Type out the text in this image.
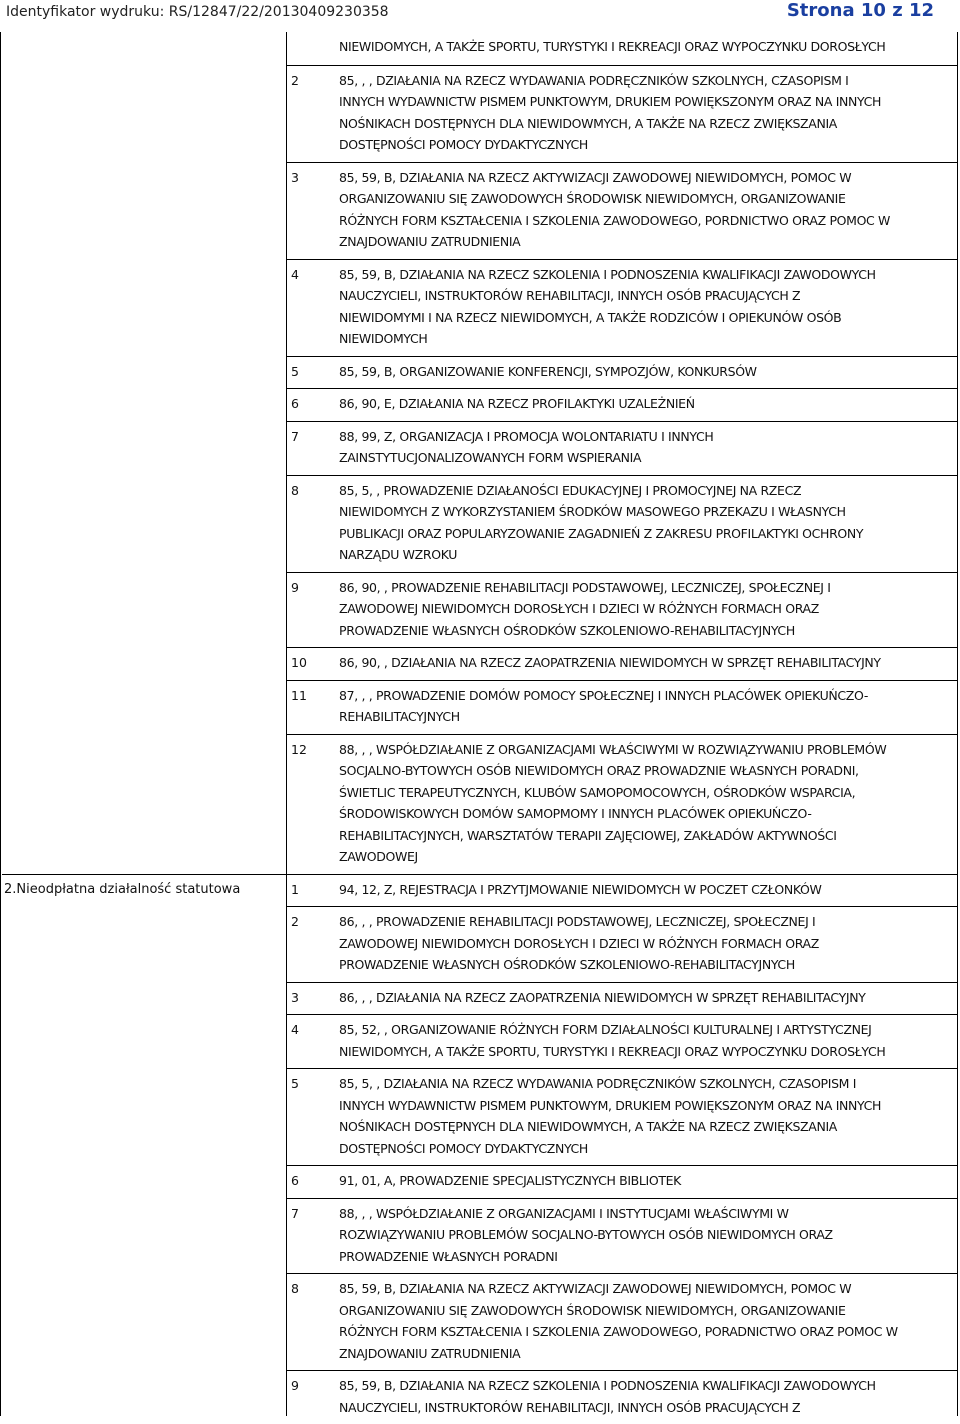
Identyfikator wydruku: RS/12847/22/20130409230358	Strona 10 z 12
NIEWIDOMYCH, A TAKŻE SPORTU, TURYSTYKI I REKREACJI ORAZ WYPOCZYNKU DOROSŁYCH
2	85, , , DZIAŁANIA NA RZECZ WYDAWANIA PODRĘCZNIKÓW SZKOLNYCH, CZASOPISM I
INNYCH WYDAWNICTW PISMEM PUNKTOWYM, DRUKIEM POWIĘKSZONYM ORAZ NA INNYCH
NOŚNIKACH DOSTĘPNYCH DLA NIEWIDOWMYCH, A TAKŻE NA RZECZ ZWIĘKSZANIA
DOSTĘPNOŚCI POMOCY DYDAKTYCZNYCH
3	85, 59, B, DZIAŁANIA NA RZECZ AKTYWIZACJI ZAWODOWEJ NIEWIDOMYCH, POMOC W
ORGANIZOWANIU SIĘ ZAWODOWYCH ŚRODOWISK NIEWIDOMYCH, ORGANIZOWANIE
RÓŻNYCH FORM KSZTAŁCENIA I SZKOLENIA ZAWODOWEGO, PORDNICTWO ORAZ POMOC W
ZNAJDOWANIU ZATRUDNIENIA
4	85, 59, B, DZIAŁANIA NA RZECZ SZKOLENIA I PODNOSZENIA KWALIFIKACJI ZAWODOWYCH
NAUCZYCIELI, INSTRUKTORÓW REHABILITACJI, INNYCH OSÓB PRACUJĄCYCH Z
NIEWIDOMYMI I NA RZECZ NIEWIDOMYCH, A TAKŻE RODZICÓW I OPIEKUNÓW OSÓB
NIEWIDOMYCH
5	85, 59, B, ORGANIZOWANIE KONFERENCJI, SYMPOZJÓW, KONKURSÓW
6	86, 90, E, DZIAŁANIA NA RZECZ PROFILAKTYKI UZALEŻNIEŃ
7	88, 99, Z, ORGANIZACJA I PROMOCJA WOLONTARIATU I INNYCH
ZAINSTYTUCJONALIZOWANYCH FORM WSPIERANIA
8	85, 5, , PROWADZENIE DZIAŁANOŚCI EDUKACYJNEJ I PROMOCYJNEJ NA RZECZ
NIEWIDOMYCH Z WYKORZYSTANIEM ŚRODKÓW MASOWEGO PRZEKAZU I WŁASNYCH
PUBLIKACJI ORAZ POPULARYZOWANIE ZAGADNIEŃ Z ZAKRESU PROFILAKTYKI OCHRONY
NARZĄDU WZROKU
9	86, 90, , PROWADZENIE REHABILITACJI PODSTAWOWEJ, LECZNICZEJ, SPOŁECZNEJ I
ZAWODOWEJ NIEWIDOMYCH DOROSŁYCH I DZIECI W RÓŻNYCH FORMACH ORAZ
PROWADZENIE WŁASNYCH OŚRODKÓW SZKOLENIOWO-REHABILITACYJNYCH
10	86, 90, , DZIAŁANIA NA RZECZ ZAOPATRZENIA NIEWIDOMYCH W SPRZĘT REHABILITACYJNY
11	87, , , PROWADZENIE DOMÓW POMOCY SPOŁECZNEJ I INNYCH PLACÓWEK OPIEKUŃCZO-
REHABILITACYJNYCH
12	88, , , WSPÓŁDZIAŁANIE Z ORGANIZACJAMI WŁAŚCIWYMI W ROZWIĄZYWANIU PROBLEMÓW
SOCJALNO-BYTOWYCH OSÓB NIEWIDOMYCH ORAZ PROWADZNIE WŁASNYCH PORADNI,
ŚWIETLIC TERAPEUTYCZNYCH, KLUBÓW SAMOPOMOCOWYCH, OŚRODKÓW WSPARCIA,
ŚRODOWISKOWYCH DOMÓW SAMOPMOMY I INNYCH PLACÓWEK OPIEKUŃCZO-
REHABILITACYJNYCH, WARSZTATÓW TERAPII ZAJĘCIOWEJ, ZAKŁADÓW AKTYWNOŚCI
ZAWODOWEJ
2.Nieodpłatna działalność statutowa	1	94, 12, Z, REJESTRACJA I PRZYTJMOWANIE NIEWIDOMYCH W POCZET CZŁONKÓW
2	86, , , PROWADZENIE REHABILITACJI PODSTAWOWEJ, LECZNICZEJ, SPOŁECZNEJ I
ZAWODOWEJ NIEWIDOMYCH DOROSŁYCH I DZIECI W RÓŻNYCH FORMACH ORAZ
PROWADZENIE WŁASNYCH OŚRODKÓW SZKOLENIOWO-REHABILITACYJNYCH
3	86, , , DZIAŁANIA NA RZECZ ZAOPATRZENIA NIEWIDOMYCH W SPRZĘT REHABILITACYJNY
4	85, 52, , ORGANIZOWANIE RÓŻNYCH FORM DZIAŁALNOŚCI KULTURALNEJ I ARTYSTYCZNEJ
NIEWIDOMYCH, A TAKŻE SPORTU, TURYSTYKI I REKREACJI ORAZ WYPOCZYNKU DOROSŁYCH
5	85, 5, , DZIAŁANIA NA RZECZ WYDAWANIA PODRĘCZNIKÓW SZKOLNYCH, CZASOPISM I
INNYCH WYDAWNICTW PISMEM PUNKTOWYM, DRUKIEM POWIĘKSZONYM ORAZ NA INNYCH
NOŚNIKACH DOSTĘPNYCH DLA NIEWIDOWMYCH, A TAKŻE NA RZECZ ZWIĘKSZANIA
DOSTĘPNOŚCI POMOCY DYDAKTYCZNYCH
6	91, 01, A, PROWADZENIE SPECJALISTYCZNYCH BIBLIOTEK
7	88, , , WSPÓŁDZIAŁANIE Z ORGANIZACJAMI I INSTYTUCJAMI WŁAŚCIWYMI W
ROZWIĄZYWANIU PROBLEMÓW SOCJALNO-BYTOWYCH OSÓB NIEWIDOMYCH ORAZ
PROWADZENIE WŁASNYCH PORADNI
8	85, 59, B, DZIAŁANIA NA RZECZ AKTYWIZACJI ZAWODOWEJ NIEWIDOMYCH, POMOC W
ORGANIZOWANIU SIĘ ZAWODOWYCH ŚRODOWISK NIEWIDOMYCH, ORGANIZOWANIE
RÓŻNYCH FORM KSZTAŁCENIA I SZKOLENIA ZAWODOWEGO, PORADNICTWO ORAZ POMOC W
ZNAJDOWANIU ZATRUDNIENIA
9	85, 59, B, DZIAŁANIA NA RZECZ SZKOLENIA I PODNOSZENIA KWALIFIKACJI ZAWODOWYCH
NAUCZYCIELI, INSTRUKTORÓW REHABILITACJI, INNYCH OSÓB PRACUJĄCYCH Z
